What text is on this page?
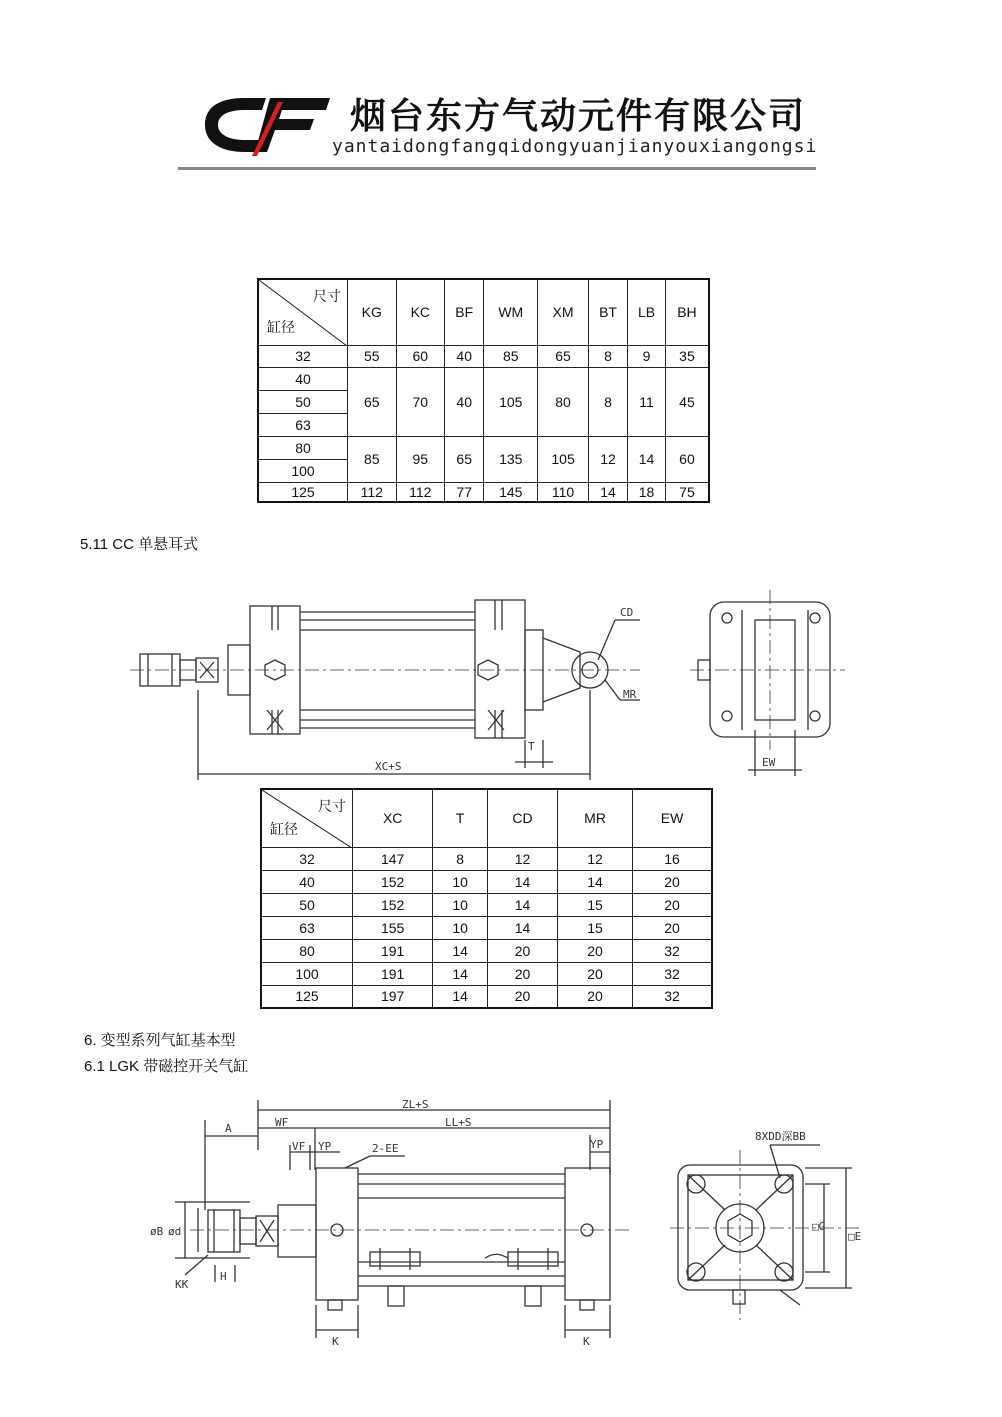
烟台东方气动元件有限公司
yantaidongfangqidongyuanjianyouxiangongsi
尺寸
缸径	KG	KC	BF	WM	XM	BT	LB	BH
32	55	60	40	85	65	8	9	35
40	65	70	40	105	80	8	11	45
50								
63								
80	85	95	65	135	105	12	14	60
100								
125	112	112	77	145	110	14	18	75
5.11 CC 单悬耳式
CD
MR
T
XC+S	EW
尺寸
缸径	XC	T	CD	MR	EW
32	147	8	12	12	16
40	152	10	14	14	20
50	152	10	14	15	20
63	155	10	14	15	20
80	191	14	20	20	32
100	191	14	20	20	32
125	197	14	20	20	32
6. 变型系列气缸基本型
6.1 LGK 带磁控开关气缸
ZL+S
A	WF	LL+S
VF YP	2-EE	YP
øB ød
KK
H
K	K
8XDD深BB
□G
□E
